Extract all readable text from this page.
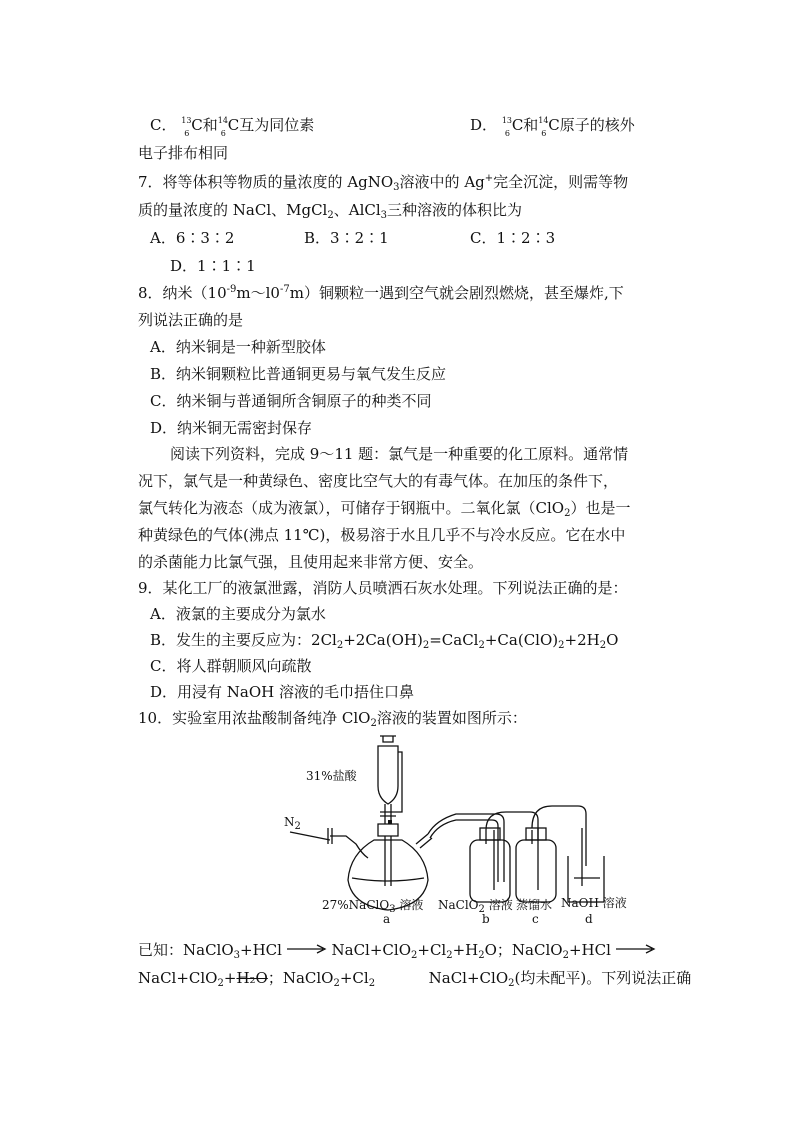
C． 13
6 C和 14
6 C互为同位素	D． 13
6 C和 14
6 C原子的核外
电子排布相同
7．将等体积等物质的量浓度的 AgNO$_3$溶液中的 Ag+完全沉淀，则需等物
质的量浓度的 NaCl、MgCl$_2$、AlCl$_3$三种溶液的体积比为
A．6∶3∶2	B．3∶2∶1	C．1∶2∶3
D．1∶1∶1
8．纳米$(10^{-9}m\sim l0^{-7}m)$铜颗粒一遇到空气就会剧烈燃烧，甚至爆炸,下
列说法正确的是
A．纳米铜是一种新型胶体
B．纳米铜颗粒比普通铜更易与氧气发生反应
C．纳米铜与普通铜所含铜原子的种类不同
D．纳米铜无需密封保存
阅读下列资料，完成 9～11 题：氯气是一种重要的化工原料。通常情
况下，氯气是一种黄绿色、密度比空气大的有毒气体。在加压的条件下，
氯气转化为液态（成为液氯），可储存于钢瓶中。二氧化氯（ClO$_2$）也是一
种黄绿色的气体(沸点 11℃)，极易溶于水且几乎不与冷水反应。它在水中
的杀菌能力比氯气强，且使用起来非常方便、安全。
9．某化工厂的液氯泄露，消防人员喷洒石灰水处理。下列说法正确的是：
A．液氯的主要成分为氯水
B．发生的主要反应为：$2Cl_2+2Ca(OH)_2=CaCl_2+Ca(ClO)_2+2H_2O$
C．将人群朝顺风向疏散
D．用浸有 NaOH 溶液的毛巾捂住口鼻
10．实验室用浓盐酸制备纯净 ClO$_2$溶液的装置如图所示：
31%盐酸
$N_2$
27%NaClO$_3$ 溶液
a
NaClO$_2$ 溶液
b
蒸馏水
c
NaOH 溶液
d
已知：NaClO$_3$+HCl → $NaCl+ClO_2+Cl_2+H_2O$；NaClO$_2$+HCl →
NaCl+ClO$_2$+H₂O；$NaClO_2+Cl_2$	NaCl+ClO$_2$(均未配平)。下列说法正确
